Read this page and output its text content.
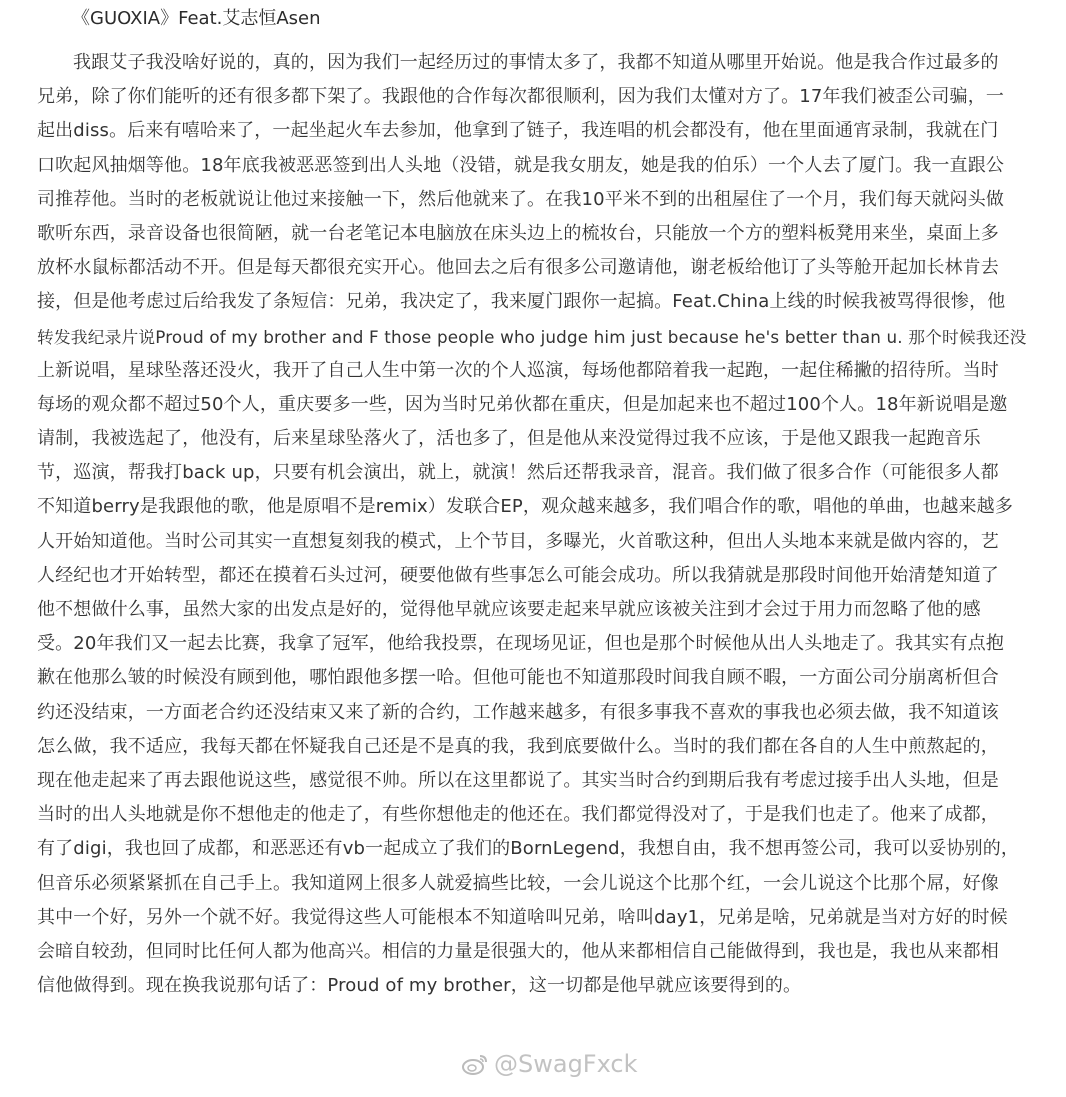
《GUOXIA》Feat.艾志恒Asen
我跟艾子我没啥好说的，真的，因为我们一起经历过的事情太多了，我都不知道从哪里开始说。他是我合作过最多的
兄弟，除了你们能听的还有很多都下架了。我跟他的合作每次都很顺利，因为我们太懂对方了。17年我们被歪公司骗，一
起出diss。后来有嘻哈来了，一起坐起火车去参加，他拿到了链子，我连唱的机会都没有，他在里面通宵录制，我就在门
口吹起风抽烟等他。18年底我被恶恶签到出人头地（没错，就是我女朋友，她是我的伯乐）一个人去了厦门。我一直跟公
司推荐他。当时的老板就说让他过来接触一下，然后他就来了。在我10平米不到的出租屋住了一个月，我们每天就闷头做
歌听东西，录音设备也很简陋，就一台老笔记本电脑放在床头边上的梳妆台，只能放一个方的塑料板凳用来坐，桌面上多
放杯水鼠标都活动不开。但是每天都很充实开心。他回去之后有很多公司邀请他，谢老板给他订了头等舱开起加长林肯去
接，但是他考虑过后给我发了条短信：兄弟，我决定了，我来厦门跟你一起搞。Feat.China上线的时候我被骂得很惨，他
转发我纪录片说Proud of my brother and F those people who judge him just because he's better than u. 那个时候我还没
上新说唱，星球坠落还没火，我开了自己人生中第一次的个人巡演，每场他都陪着我一起跑，一起住稀撇的招待所。当时
每场的观众都不超过50个人，重庆要多一些，因为当时兄弟伙都在重庆，但是加起来也不超过100个人。18年新说唱是邀
请制，我被选起了，他没有，后来星球坠落火了，活也多了，但是他从来没觉得过我不应该，于是他又跟我一起跑音乐
节，巡演，帮我打back up，只要有机会演出，就上，就演！然后还帮我录音，混音。我们做了很多合作（可能很多人都
不知道berry是我跟他的歌，他是原唱不是remix）发联合EP，观众越来越多，我们唱合作的歌，唱他的单曲，也越来越多
人开始知道他。当时公司其实一直想复刻我的模式，上个节目，多曝光，火首歌这种，但出人头地本来就是做内容的，艺
人经纪也才开始转型，都还在摸着石头过河，硬要他做有些事怎么可能会成功。所以我猜就是那段时间他开始清楚知道了
他不想做什么事，虽然大家的出发点是好的，觉得他早就应该要走起来早就应该被关注到才会过于用力而忽略了他的感
受。20年我们又一起去比赛，我拿了冠军，他给我投票，在现场见证，但也是那个时候他从出人头地走了。我其实有点抱
歉在他那么皱的时候没有顾到他，哪怕跟他多摆一哈。但他可能也不知道那段时间我自顾不暇，一方面公司分崩离析但合
约还没结束，一方面老合约还没结束又来了新的合约，工作越来越多，有很多事我不喜欢的事我也必须去做，我不知道该
怎么做，我不适应，我每天都在怀疑我自己还是不是真的我，我到底要做什么。当时的我们都在各自的人生中煎熬起的，
现在他走起来了再去跟他说这些，感觉很不帅。所以在这里都说了。其实当时合约到期后我有考虑过接手出人头地，但是
当时的出人头地就是你不想他走的他走了，有些你想他走的他还在。我们都觉得没对了，于是我们也走了。他来了成都，
有了digi，我也回了成都，和恶恶还有vb一起成立了我们的BornLegend，我想自由，我不想再签公司，我可以妥协别的，
但音乐必须紧紧抓在自己手上。我知道网上很多人就爱搞些比较，一会儿说这个比那个红，一会儿说这个比那个屌，好像
其中一个好，另外一个就不好。我觉得这些人可能根本不知道啥叫兄弟，啥叫day1，兄弟是啥，兄弟就是当对方好的时候
会暗自较劲，但同时比任何人都为他高兴。相信的力量是很强大的，他从来都相信自己能做得到，我也是，我也从来都相
信他做得到。现在换我说那句话了：Proud of my brother，这一切都是他早就应该要得到的。
@SwagFxck
